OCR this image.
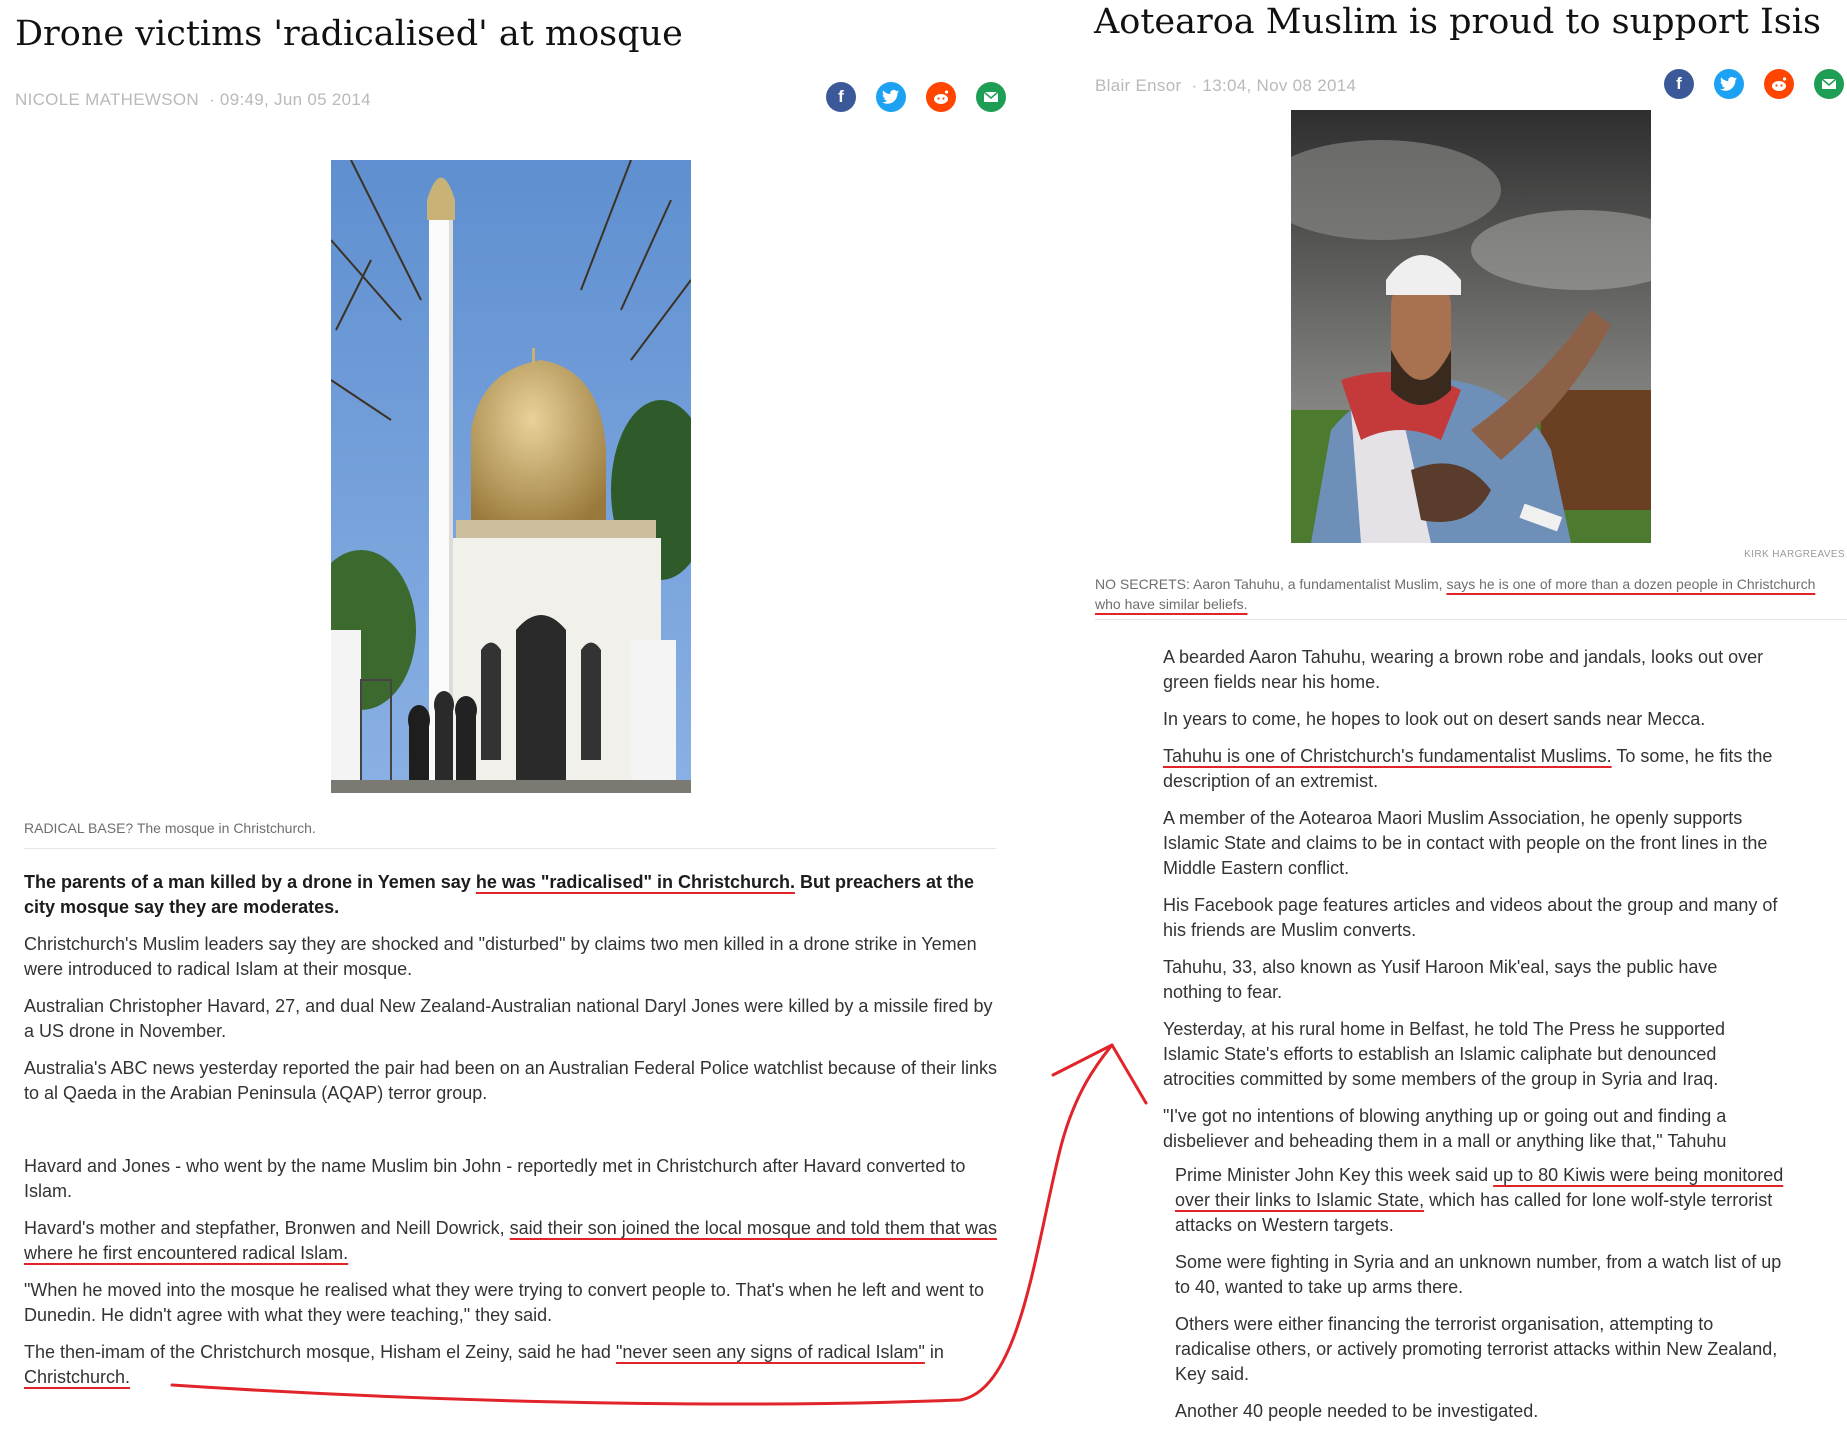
Drone victims 'radicalised' at mosque
NICOLE MATHEWSON · 09:49, Jun 05 2014	f
RADICAL BASE? The mosque in Christchurch.

The parents of a man killed by a drone in Yemen say he was "radicalised" in Christchurch. But preachers at the city mosque say they are moderates.

Christchurch's Muslim leaders say they are shocked and "disturbed" by claims two men killed in a drone strike in Yemen were introduced to radical Islam at their mosque.

Australian Christopher Havard, 27, and dual New Zealand-Australian national Daryl Jones were killed by a missile fired by a US drone in November.

Australia's ABC news yesterday reported the pair had been on an Australian Federal Police watchlist because of their links to al Qaeda in the Arabian Peninsula (AQAP) terror group.

Havard and Jones - who went by the name Muslim bin John - reportedly met in Christchurch after Havard converted to Islam.

Havard's mother and stepfather, Bronwen and Neill Dowrick, said their son joined the local mosque and told them that was where he first encountered radical Islam.

"When he moved into the mosque he realised what they were trying to convert people to. That's when he left and went to Dunedin. He didn't agree with what they were teaching," they said.

The then-imam of the Christchurch mosque, Hisham el Zeiny, said he had "never seen any signs of radical Islam" in Christchurch.

Aotearoa Muslim is proud to support Isis
Blair Ensor · 13:04, Nov 08 2014	f
KIRK HARGREAVES
NO SECRETS: Aaron Tahuhu, a fundamentalist Muslim, says he is one of more than a dozen people in Christchurch who have similar beliefs.

A bearded Aaron Tahuhu, wearing a brown robe and jandals, looks out over green fields near his home.

In years to come, he hopes to look out on desert sands near Mecca.

Tahuhu is one of Christchurch's fundamentalist Muslims. To some, he fits the description of an extremist.

A member of the Aotearoa Maori Muslim Association, he openly supports Islamic State and claims to be in contact with people on the front lines in the Middle Eastern conflict.

His Facebook page features articles and videos about the group and many of his friends are Muslim converts.

Tahuhu, 33, also known as Yusif Haroon Mik'eal, says the public have nothing to fear.

Yesterday, at his rural home in Belfast, he told The Press he supported Islamic State's efforts to establish an Islamic caliphate but denounced atrocities committed by some members of the group in Syria and Iraq.

"I've got no intentions of blowing anything up or going out and finding a disbeliever and beheading them in a mall or anything like that," Tahuhu

Prime Minister John Key this week said up to 80 Kiwis were being monitored over their links to Islamic State, which has called for lone wolf-style terrorist attacks on Western targets.

Some were fighting in Syria and an unknown number, from a watch list of up to 40, wanted to take up arms there.

Others were either financing the terrorist organisation, attempting to radicalise others, or actively promoting terrorist attacks within New Zealand, Key said.

Another 40 people needed to be investigated.
